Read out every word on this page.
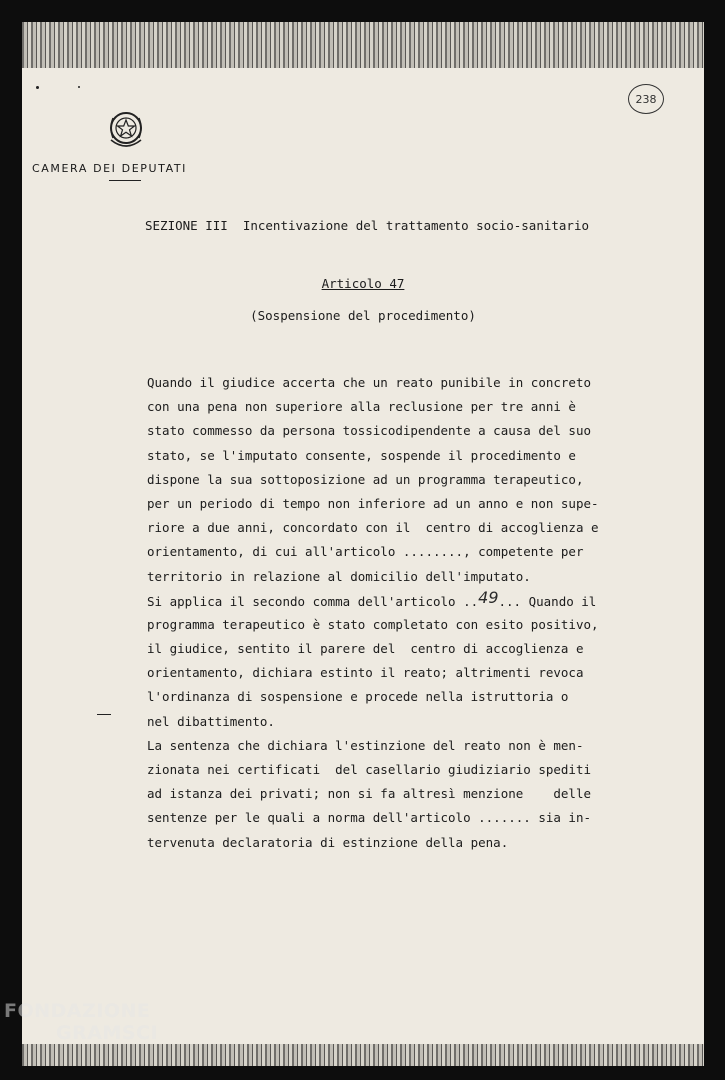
CAMERA DEI DEPUTATI
238
SEZIONE III  Incentivazione del trattamento socio-sanitario
Articolo 47
(Sospensione del procedimento)
Quando il giudice accerta che un reato punibile in concreto
con una pena non superiore alla reclusione per tre anni è
stato commesso da persona tossicodipendente a causa del suo
stato, se l'imputato consente, sospende il procedimento e
dispone la sua sottoposizione ad un programma terapeutico,
per un periodo di tempo non inferiore ad un anno e non supe-
riore a due anni, concordato con il  centro di accoglienza e
orientamento, di cui all'articolo ........, competente per
territorio in relazione al domicilio dell'imputato.
Si applica il secondo comma dell'articolo ..49... Quando il
programma terapeutico è stato completato con esito positivo,
il giudice, sentito il parere del  centro di accoglienza e
orientamento, dichiara estinto il reato; altrimenti revoca
l'ordinanza di sospensione e procede nella istruttoria o
nel dibattimento.
La sentenza che dichiara l'estinzione del reato non è men-
zionata nei certificati  del casellario giudiziario spediti
ad istanza dei privati; non si fa altresì menzione    delle
sentenze per le quali a norma dell'articolo ....... sia in-
tervenuta declaratoria di estinzione della pena.
FONDAZIONE
GRAMSCI
